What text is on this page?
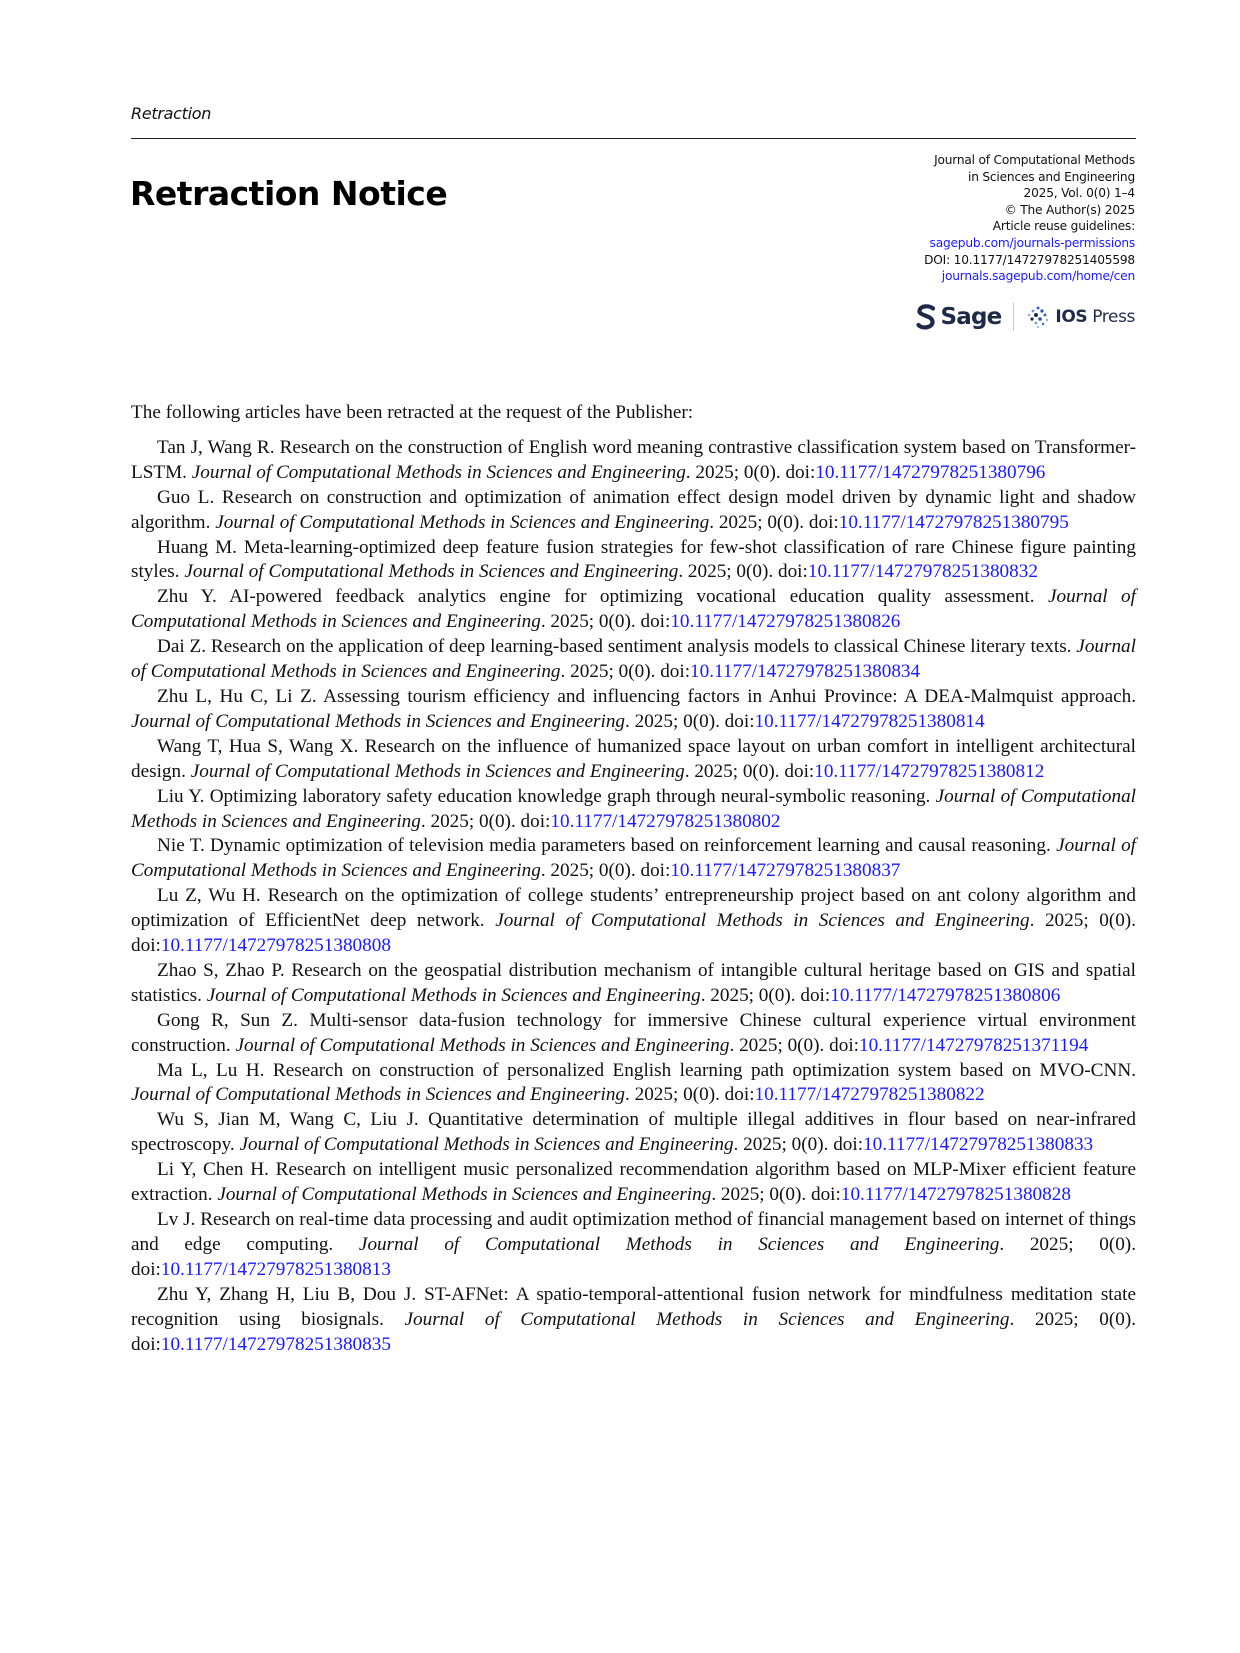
Retraction
Retraction Notice
Journal of Computational Methods
in Sciences and Engineering
2025, Vol. 0(0) 1–4
© The Author(s) 2025
Article reuse guidelines:
sagepub.com/journals-permissions
DOI: 10.1177/14727978251405598
journals.sagepub.com/home/cen
Sage	IOS Press

The following articles have been retracted at the request of the Publisher:

Tan J, Wang R. Research on the construction of English word meaning contrastive classification system based on Transformer-LSTM. Journal of Computational Methods in Sciences and Engineering. 2025; 0(0). doi:10.1177/14727978251380796

Guo L. Research on construction and optimization of animation effect design model driven by dynamic light and shadow algorithm. Journal of Computational Methods in Sciences and Engineering. 2025; 0(0). doi:10.1177/14727978251380795

Huang M. Meta-learning-optimized deep feature fusion strategies for few-shot classification of rare Chinese figure painting styles. Journal of Computational Methods in Sciences and Engineering. 2025; 0(0). doi:10.1177/14727978251380832

Zhu Y. AI-powered feedback analytics engine for optimizing vocational education quality assessment. Journal of Computational Methods in Sciences and Engineering. 2025; 0(0). doi:10.1177/14727978251380826

Dai Z. Research on the application of deep learning-based sentiment analysis models to classical Chinese literary texts. Journal of Computational Methods in Sciences and Engineering. 2025; 0(0). doi:10.1177/14727978251380834

Zhu L, Hu C, Li Z. Assessing tourism efficiency and influencing factors in Anhui Province: A DEA-Malmquist approach. Journal of Computational Methods in Sciences and Engineering. 2025; 0(0). doi:10.1177/14727978251380814

Wang T, Hua S, Wang X. Research on the influence of humanized space layout on urban comfort in intelligent architectural design. Journal of Computational Methods in Sciences and Engineering. 2025; 0(0). doi:10.1177/14727978251380812

Liu Y. Optimizing laboratory safety education knowledge graph through neural-symbolic reasoning. Journal of Computational Methods in Sciences and Engineering. 2025; 0(0). doi:10.1177/14727978251380802

Nie T. Dynamic optimization of television media parameters based on reinforcement learning and causal reasoning. Journal of Computational Methods in Sciences and Engineering. 2025; 0(0). doi:10.1177/14727978251380837

Lu Z, Wu H. Research on the optimization of college students’ entrepreneurship project based on ant colony algorithm and optimization of EfficientNet deep network. Journal of Computational Methods in Sciences and Engineering. 2025; 0(0). doi:10.1177/14727978251380808

Zhao S, Zhao P. Research on the geospatial distribution mechanism of intangible cultural heritage based on GIS and spatial statistics. Journal of Computational Methods in Sciences and Engineering. 2025; 0(0). doi:10.1177/14727978251380806

Gong R, Sun Z. Multi-sensor data-fusion technology for immersive Chinese cultural experience virtual environment construction. Journal of Computational Methods in Sciences and Engineering. 2025; 0(0). doi:10.1177/14727978251371194

Ma L, Lu H. Research on construction of personalized English learning path optimization system based on MVO-CNN. Journal of Computational Methods in Sciences and Engineering. 2025; 0(0). doi:10.1177/14727978251380822

Wu S, Jian M, Wang C, Liu J. Quantitative determination of multiple illegal additives in flour based on near-infrared spectroscopy. Journal of Computational Methods in Sciences and Engineering. 2025; 0(0). doi:10.1177/14727978251380833

Li Y, Chen H. Research on intelligent music personalized recommendation algorithm based on MLP-Mixer efficient feature extraction. Journal of Computational Methods in Sciences and Engineering. 2025; 0(0). doi:10.1177/14727978251380828

Lv J. Research on real-time data processing and audit optimization method of financial management based on internet of things and edge computing. Journal of Computational Methods in Sciences and Engineering. 2025; 0(0). doi:10.1177/14727978251380813

Zhu Y, Zhang H, Liu B, Dou J. ST-AFNet: A spatio-temporal-attentional fusion network for mindfulness meditation state recognition using biosignals. Journal of Computational Methods in Sciences and Engineering. 2025; 0(0). doi:10.1177/14727978251380835
